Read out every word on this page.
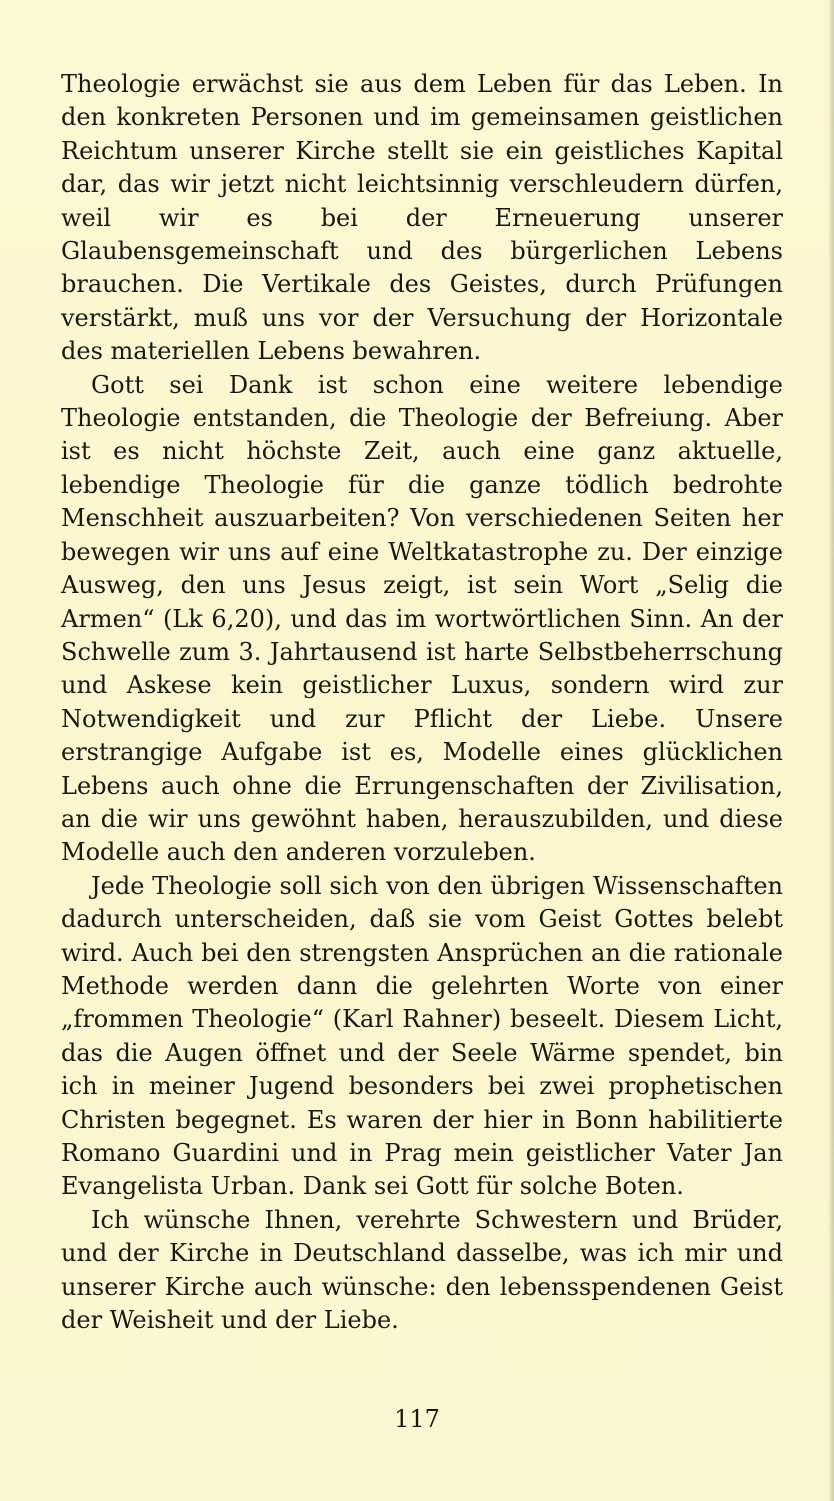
Theologie erwächst sie aus dem Leben für das Leben. In den konkreten Personen und im gemeinsamen geistlichen Reichtum unserer Kirche stellt sie ein geistliches Kapital dar, das wir jetzt nicht leichtsinnig verschleudern dürfen, weil wir es bei der Erneuerung unserer Glaubensgemeinschaft und des bürgerlichen Lebens brauchen. Die Vertikale des Geistes, durch Prüfungen verstärkt, muß uns vor der Versuchung der Horizontale des materiellen Lebens bewahren.

Gott sei Dank ist schon eine weitere lebendige Theologie entstanden, die Theologie der Befreiung. Aber ist es nicht höchste Zeit, auch eine ganz aktuelle, lebendige Theologie für die ganze tödlich bedrohte Menschheit auszuarbeiten? Von verschiedenen Seiten her bewegen wir uns auf eine Weltkatastrophe zu. Der einzige Ausweg, den uns Jesus zeigt, ist sein Wort „Selig die Armen“ (Lk 6,20), und das im wortwörtlichen Sinn. An der Schwelle zum 3. Jahrtausend ist harte Selbstbeherrschung und Askese kein geistlicher Luxus, sondern wird zur Notwendigkeit und zur Pflicht der Liebe. Unsere erstrangige Aufgabe ist es, Modelle eines glücklichen Lebens auch ohne die Errungenschaften der Zivilisation, an die wir uns gewöhnt haben, herauszubilden, und diese Modelle auch den anderen vorzuleben.

Jede Theologie soll sich von den übrigen Wissenschaften dadurch unterscheiden, daß sie vom Geist Gottes belebt wird. Auch bei den strengsten Ansprüchen an die rationale Methode werden dann die gelehrten Worte von einer „frommen Theologie“ (Karl Rahner) beseelt. Diesem Licht, das die Augen öffnet und der Seele Wärme spendet, bin ich in meiner Jugend besonders bei zwei prophetischen Christen begegnet. Es waren der hier in Bonn habilitierte Romano Guardini und in Prag mein geistlicher Vater Jan Evangelista Urban. Dank sei Gott für solche Boten.

Ich wünsche Ihnen, verehrte Schwestern und Brüder, und der Kirche in Deutschland dasselbe, was ich mir und unserer Kirche auch wünsche: den lebensspendenen Geist der Weisheit und der Liebe.

117
